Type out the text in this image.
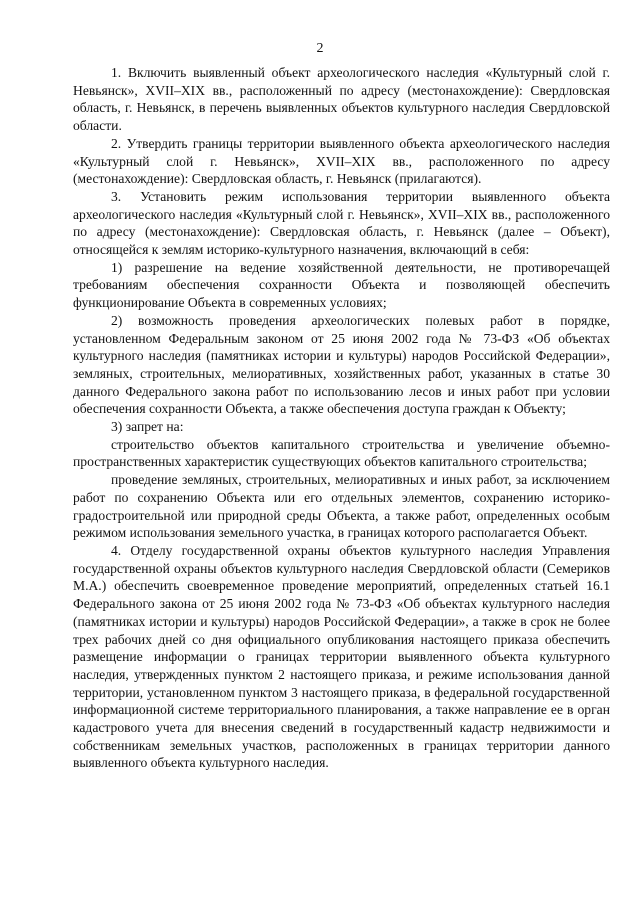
2

1. Включить выявленный объект археологического наследия «Культурный слой г. Невьянск», XVII–XIX вв., расположенный по адресу (местонахождение): Свердловская область, г. Невьянск, в перечень выявленных объектов культурного наследия Свердловской области.

2. Утвердить границы территории выявленного объекта археологического наследия «Культурный слой г. Невьянск», XVII–XIX вв., расположенного по адресу (местонахождение): Свердловская область, г. Невьянск (прилагаются).

3. Установить режим использования территории выявленного объекта археологического наследия «Культурный слой г. Невьянск», XVII–XIX вв., расположенного по адресу (местонахождение): Свердловская область, г. Невьянск (далее – Объект), относящейся к землям историко-культурного назначения, включающий в себя:

1) разрешение на ведение хозяйственной деятельности, не противоречащей требованиям обеспечения сохранности Объекта и позволяющей обеспечить функционирование Объекта в современных условиях;

2) возможность проведения археологических полевых работ в порядке, установленном Федеральным законом от 25 июня 2002 года № 73-ФЗ «Об объектах культурного наследия (памятниках истории и культуры) народов Российской Федерации», земляных, строительных, мелиоративных, хозяйственных работ, указанных в статье 30 данного Федерального закона работ по использованию лесов и иных работ при условии обеспечения сохранности Объекта, а также обеспечения доступа граждан к Объекту;

3) запрет на:

строительство объектов капитального строительства и увеличение объемно-пространственных характеристик существующих объектов капитального строительства;

проведение земляных, строительных, мелиоративных и иных работ, за исключением работ по сохранению Объекта или его отдельных элементов, сохранению историко-градостроительной или природной среды Объекта, а также работ, определенных особым режимом использования земельного участка, в границах которого располагается Объект.

4. Отделу государственной охраны объектов культурного наследия Управления государственной охраны объектов культурного наследия Свердловской области (Семериков М.А.) обеспечить своевременное проведение мероприятий, определенных статьей 16.1 Федерального закона от 25 июня 2002 года № 73-ФЗ «Об объектах культурного наследия (памятниках истории и культуры) народов Российской Федерации», а также в срок не более трех рабочих дней со дня официального опубликования настоящего приказа обеспечить размещение информации о границах территории выявленного объекта культурного наследия, утвержденных пунктом 2 настоящего приказа, и режиме использования данной территории, установленном пунктом 3 настоящего приказа, в федеральной государственной информационной системе территориального планирования, а также направление ее в орган кадастрового учета для внесения сведений в государственный кадастр недвижимости и собственникам земельных участков, расположенных в границах территории данного выявленного объекта культурного наследия.
